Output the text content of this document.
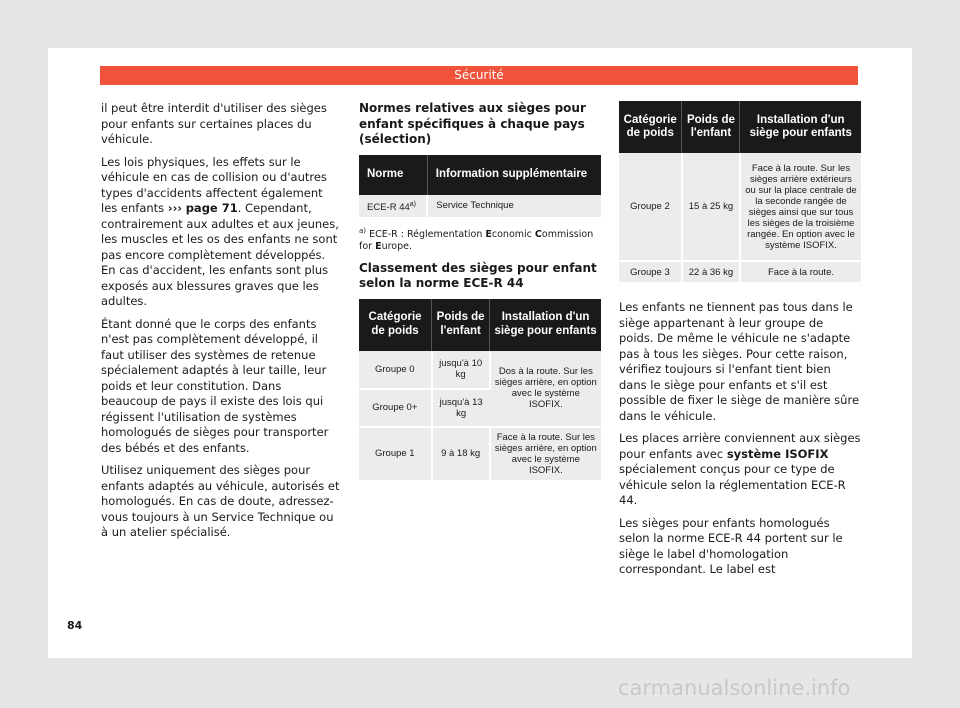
Sécurité

il peut être interdit d'utiliser des sièges pour enfants sur certaines places du véhicule.

Les lois physiques, les effets sur le véhicule en cas de collision ou d'autres types d'accidents affectent également les enfants ››› page 71. Cependant, contrairement aux adultes et aux jeunes, les muscles et les os des enfants ne sont pas encore complètement développés. En cas d'accident, les enfants sont plus exposés aux blessures graves que les adultes.

Étant donné que le corps des enfants n'est pas complètement développé, il faut utiliser des systèmes de retenue spécialement adaptés à leur taille, leur poids et leur constitution. Dans beaucoup de pays il existe des lois qui régissent l'utilisation de systèmes homologués de sièges pour transporter des bébés et des enfants.

Utilisez uniquement des sièges pour enfants adaptés au véhicule, autorisés et homologués. En cas de doute, adressez-vous toujours à un Service Technique ou à un atelier spécialisé.

Normes relatives aux sièges pour enfant spécifiques à chaque pays (sélection)
Norme	Information supplémentaire
ECE-R 44$^{a)}$	Service Technique
$^{a)}$ ECE-R : Réglementation Economic Commission for Europe.
Classement des sièges pour enfant selon la norme ECE-R 44
Catégorie de poids	Poids de l'enfant	Installation d'un siège pour enfants
Groupe 0	jusqu'à 10 kg	Dos à la route. Sur les sièges arrière, en option avec le système ISOFIX.
Groupe 0+	jusqu'à 13 kg	
Groupe 1	9 à 18 kg	Face à la route. Sur les sièges arrière, en option avec le système ISOFIX.
Catégorie de poids	Poids de l'enfant	Installation d'un siège pour enfants
Groupe 2	15 à 25 kg	Face à la route. Sur les sièges arrière extérieurs ou sur la place centrale de la seconde rangée de sièges ainsi que sur tous les sièges de la troisième rangée. En option avec le système ISOFIX.
Groupe 3	22 à 36 kg	Face à la route.

Les enfants ne tiennent pas tous dans le siège appartenant à leur groupe de poids. De même le véhicule ne s'adapte pas à tous les sièges. Pour cette raison, vérifiez toujours si l'enfant tient bien dans le siège pour enfants et s'il est possible de fixer le siège de manière sûre dans le véhicule.

Les places arrière conviennent aux sièges pour enfants avec système ISOFIX spécialement conçus pour ce type de véhicule selon la réglementation ECE-R 44.

Les sièges pour enfants homologués selon la norme ECE-R 44 portent sur le siège le label d'homologation correspondant. Le label est

84
carmanualsonline.info
